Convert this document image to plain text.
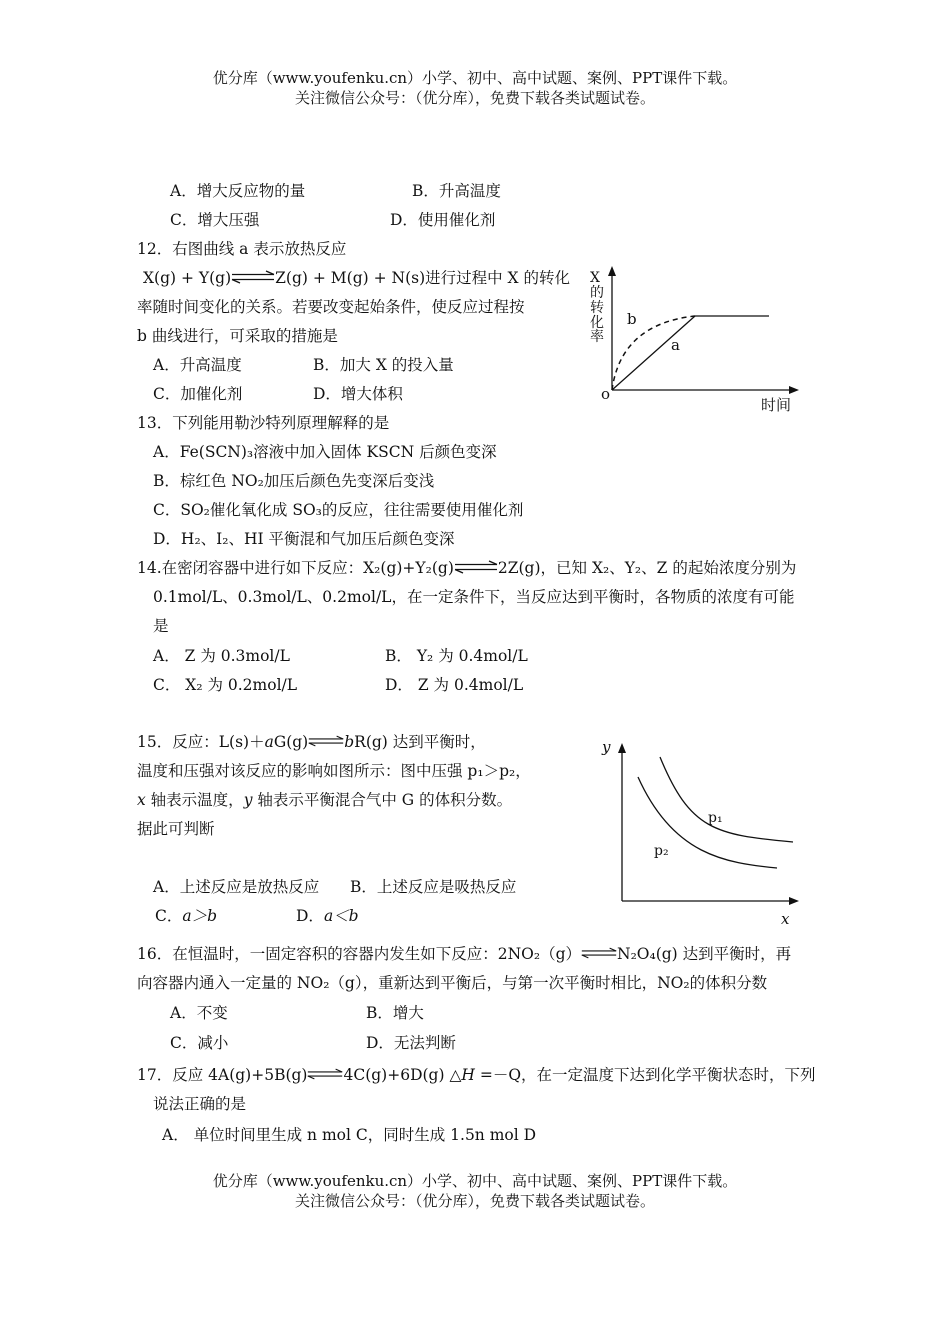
优分库（www.youfenku.cn）小学、初中、高中试题、案例、PPT课件下载。
关注微信公众号：（优分库），免费下载各类试题试卷。
A．增大反应物的量	B．升高温度
C．增大压强	D．使用催化剂
12．右图曲线 a 表示放热反应
X(g) + Y(g)⇌Z(g) + M(g) + N(s)进行过程中 X 的转化
率随时间变化的关系。若要改变起始条件，使反应过程按
b 曲线进行，可采取的措施是
A．升高温度	B．加大 X 的投入量
C．加催化剂	D．增大体积
b
a
X
的
转
化
率
o
时间
13．下列能用勒沙特列原理解释的是
A．Fe(SCN)₃溶液中加入固体 KSCN 后颜色变深
B．棕红色 NO₂加压后颜色先变深后变浅
C．SO₂催化氧化成 SO₃的反应，往往需要使用催化剂
D．H₂、I₂、HI 平衡混和气加压后颜色变深
14.在密闭容器中进行如下反应：X₂(g)+Y₂(g)⇌2Z(g)，已知 X₂、Y₂、Z 的起始浓度分别为
0.1mol/L、0.3mol/L、0.2mol/L，在一定条件下，当反应达到平衡时，各物质的浓度有可能
是
A． Z 为 0.3mol/L	B． Y₂ 为 0.4mol/L
C． X₂ 为 0.2mol/L	D． Z 为 0.4mol/L
15．反应：L(s)＋aG(g)⇌bR(g) 达到平衡时，
温度和压强对该反应的影响如图所示：图中压强 p₁＞p₂，
x 轴表示温度，y 轴表示平衡混合气中 G 的体积分数。
据此可判断
A．上述反应是放热反应 B．上述反应是吸热反应
C．a＞b	D．a＜b
p₁
p₂
y
x
16．在恒温时，一固定容积的容器内发生如下反应：2NO₂（g）⇌N₂O₄(g) 达到平衡时，再
向容器内通入一定量的 NO₂（g），重新达到平衡后，与第一次平衡时相比，NO₂的体积分数
A．不变	B．增大
C．减小	D．无法判断
17．反应 4A(g)+5B(g)⇌4C(g)+6D(g) △H =－Q，在一定温度下达到化学平衡状态时，下列
说法正确的是
A． 单位时间里生成 n mol C，同时生成 1.5n mol D
优分库（www.youfenku.cn）小学、初中、高中试题、案例、PPT课件下载。
关注微信公众号：（优分库），免费下载各类试题试卷。
